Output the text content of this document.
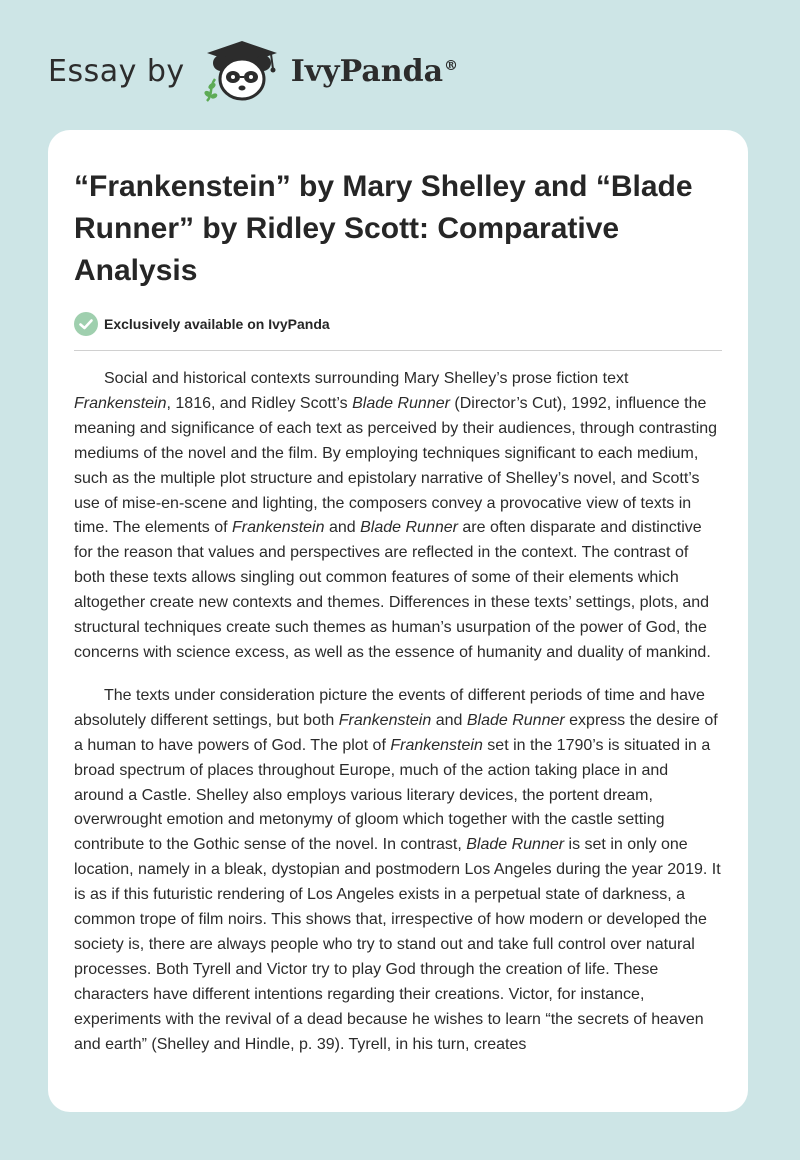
Essay by	IvyPanda®
“Frankenstein” by Mary Shelley and “Blade Runner” by Ridley Scott: Comparative Analysis
Exclusively available on IvyPanda

Social and historical contexts surrounding Mary Shelley’s prose fiction text Frankenstein, 1816, and Ridley Scott’s Blade Runner (Director’s Cut), 1992, influence the meaning and significance of each text as perceived by their audiences, through contrasting mediums of the novel and the film. By employing techniques significant to each medium, such as the multiple plot structure and epistolary narrative of Shelley’s novel, and Scott’s use of mise-en-scene and lighting, the composers convey a provocative view of texts in time. The elements of Frankenstein and Blade Runner are often disparate and distinctive for the reason that values and perspectives are reflected in the context. The contrast of both these texts allows singling out common features of some of their elements which altogether create new contexts and themes. Differences in these texts’ settings, plots, and structural techniques create such themes as human’s usurpation of the power of God, the concerns with science excess, as well as the essence of humanity and duality of mankind.

The texts under consideration picture the events of different periods of time and have absolutely different settings, but both Frankenstein and Blade Runner express the desire of a human to have powers of God. The plot of Frankenstein set in the 1790’s is situated in a broad spectrum of places throughout Europe, much of the action taking place in and around a Castle. Shelley also employs various literary devices, the portent dream, overwrought emotion and metonymy of gloom which together with the castle setting contribute to the Gothic sense of the novel. In contrast, Blade Runner is set in only one location, namely in a bleak, dystopian and postmodern Los Angeles during the year 2019. It is as if this futuristic rendering of Los Angeles exists in a perpetual state of darkness, a common trope of film noirs. This shows that, irrespective of how modern or developed the society is, there are always people who try to stand out and take full control over natural processes. Both Tyrell and Victor try to play God through the creation of life. These characters have different intentions regarding their creations. Victor, for instance, experiments with the revival of a dead because he wishes to learn “the secrets of heaven and earth” (Shelley and Hindle, p. 39). Tyrell, in his turn, creates
